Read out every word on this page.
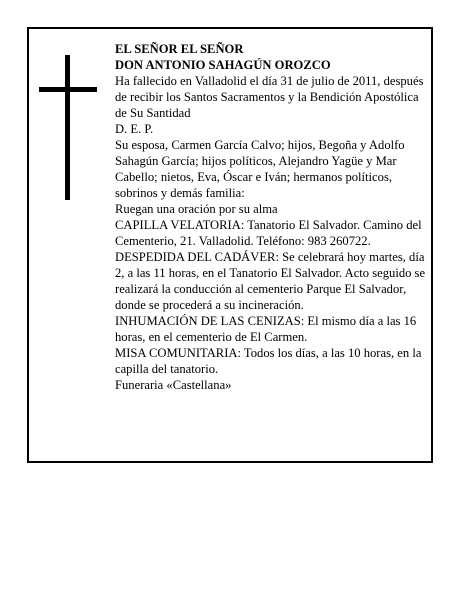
EL SEÑOR EL SEÑOR
DON ANTONIO SAHAGÚN OROZCO
Ha fallecido en Valladolid el día 31 de julio de 2011, después de recibir los Santos Sacramentos y la Bendición Apostólica de Su Santidad
D. E. P.
Su esposa, Carmen García Calvo; hijos, Begoña y Adolfo Sahagún García; hijos políticos, Alejandro Yagüe y Mar Cabello; nietos, Eva, Óscar e Iván; hermanos políticos, sobrinos y demás familia:
Ruegan una oración por su alma
CAPILLA VELATORIA: Tanatorio El Salvador. Camino del Cementerio, 21. Valladolid. Teléfono: 983 260722.
DESPEDIDA DEL CADÁVER: Se celebrará hoy martes, día 2, a las 11 horas, en el Tanatorio El Salvador. Acto seguido se realizará la conducción al cementerio Parque El Salvador, donde se procederá a su incineración.
INHUMACIÓN DE LAS CENIZAS: El mismo día a las 16 horas, en el cementerio de El Carmen.
MISA COMUNITARIA: Todos los días, a las 10 horas, en la capilla del tanatorio.
Funeraria «Castellana»
